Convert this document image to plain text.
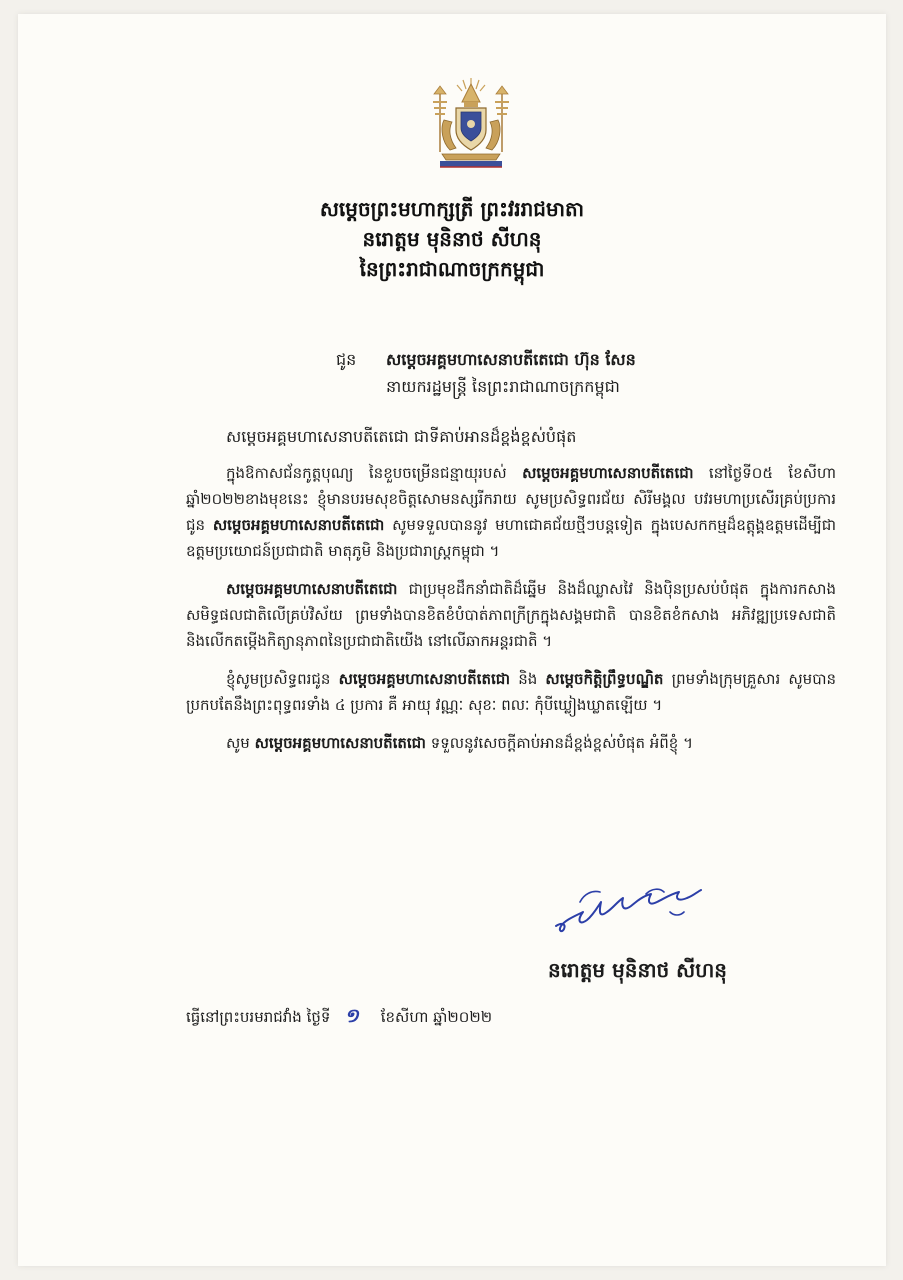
សម្តេចព្រះមហាក្សត្រី ព្រះវររាជមាតា
នរោត្តម មុនិនាថ សីហនុ
នៃព្រះរាជាណាចក្រកម្ពុជា
ជូន សម្តេចអគ្គមហាសេនាបតីតេជោ ហ៊ុន សែន
នាយករដ្ឋមន្ត្រី នៃព្រះរាជាណាចក្រកម្ពុជា
សម្តេចអគ្គមហាសេនាបតីតេជោ ជាទីគាប់អានដ៏ខ្ពង់ខ្ពស់បំផុត

ក្នុងឱកាសជ័នកូត្តបុណ្យ នៃខួបចម្រើនជន្មាយុរបស់ សម្តេចអគ្គមហាសេនាបតីតេជោ នៅថ្ងៃទី០៥ ខែសីហា ឆ្នាំ២០២២ខាងមុខនេះ ខ្ញុំមានបរមសុខចិត្តសោមនស្សរីករាយ សូមប្រសិទ្ធពរជ័យ សិរីមង្គល បវរមហាប្រសើរគ្រប់ប្រការ ជូន សម្តេចអគ្គមហាសេនាបតីតេជោ សូមទទួលបាននូវ មហាជោគជ័យថ្មីៗបន្តទៀត ក្នុងបេសកកម្មដ៏ឧត្តុង្គឧត្តមដើម្បីជាឧត្តមប្រយោជន៍ប្រជាជាតិ មាតុភូមិ និងប្រជារាស្ត្រកម្ពុជា ។

សម្តេចអគ្គមហាសេនាបតីតេជោ ជាប្រមុខដឹកនាំជាតិដ៏ឆ្នើម និងដ៏ឈ្លាសវៃ និងប៉ិនប្រសប់បំផុត ក្នុងការកសាងសមិទ្ធផលជាតិលើគ្រប់វិស័យ ព្រមទាំងបានខិតខំបំបាត់ភាពក្រីក្រក្នុងសង្គមជាតិ បានខិតខំកសាង អភិវឌ្ឍប្រទេសជាតិ និងលើកតម្កើងកិត្យានុភាពនៃប្រជាជាតិយើង នៅលើឆាកអន្តរជាតិ ។

ខ្ញុំសូមប្រសិទ្ធពរជូន សម្តេចអគ្គមហាសេនាបតីតេជោ និង សម្តេចកិត្តិព្រឹទ្ធបណ្ឌិត ព្រមទាំងក្រុមគ្រួសារ សូមបានប្រកបតែនឹងព្រះពុទ្ធពរទាំង ៤ ប្រការ គឺ អាយុ វណ្ណៈ សុខៈ ពលៈ កុំបីឃ្លៀងឃ្លាតឡើយ ។

សូម សម្តេចអគ្គមហាសេនាបតីតេជោ ទទួលនូវសេចក្តីគាប់អានដ៏ខ្ពង់ខ្ពស់បំផុត អំពីខ្ញុំ ។

នរោត្តម មុនិនាថ សីហនុ
ធ្វើនៅព្រះបរមរាជវាំង ថ្ងៃទី ១ ខែសីហា ឆ្នាំ២០២២
